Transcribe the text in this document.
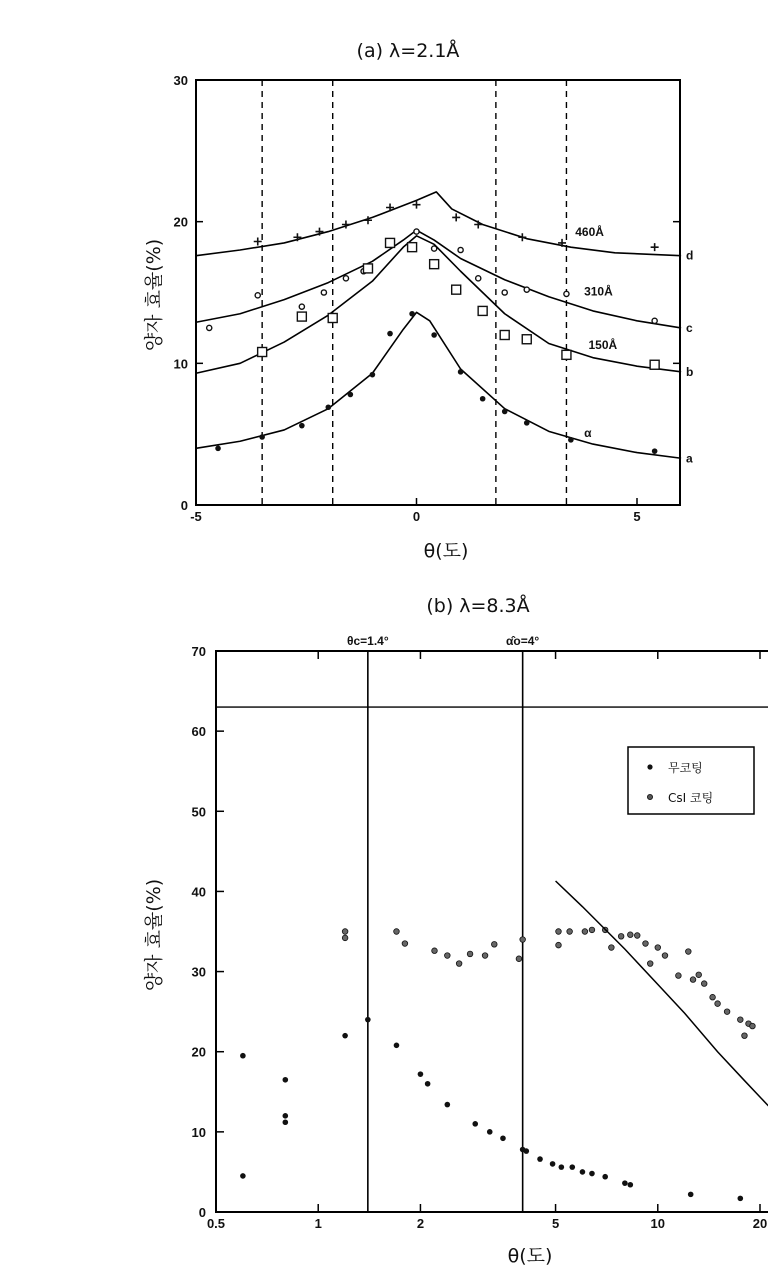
(a) λ=2.1Å
θ(도)
양자 효율(%)
-5	0	5
0
10
20
30
d
c
b
a
460Å
310Å
150Å
α
(b) λ=8.3Å
θ(도)
양자 효율(%)
0.5	1	2	5	10	20
0
10
20
30
40
50
60
70
θc=1.4°	α̂o=4°
무코팅
CsI 코팅
